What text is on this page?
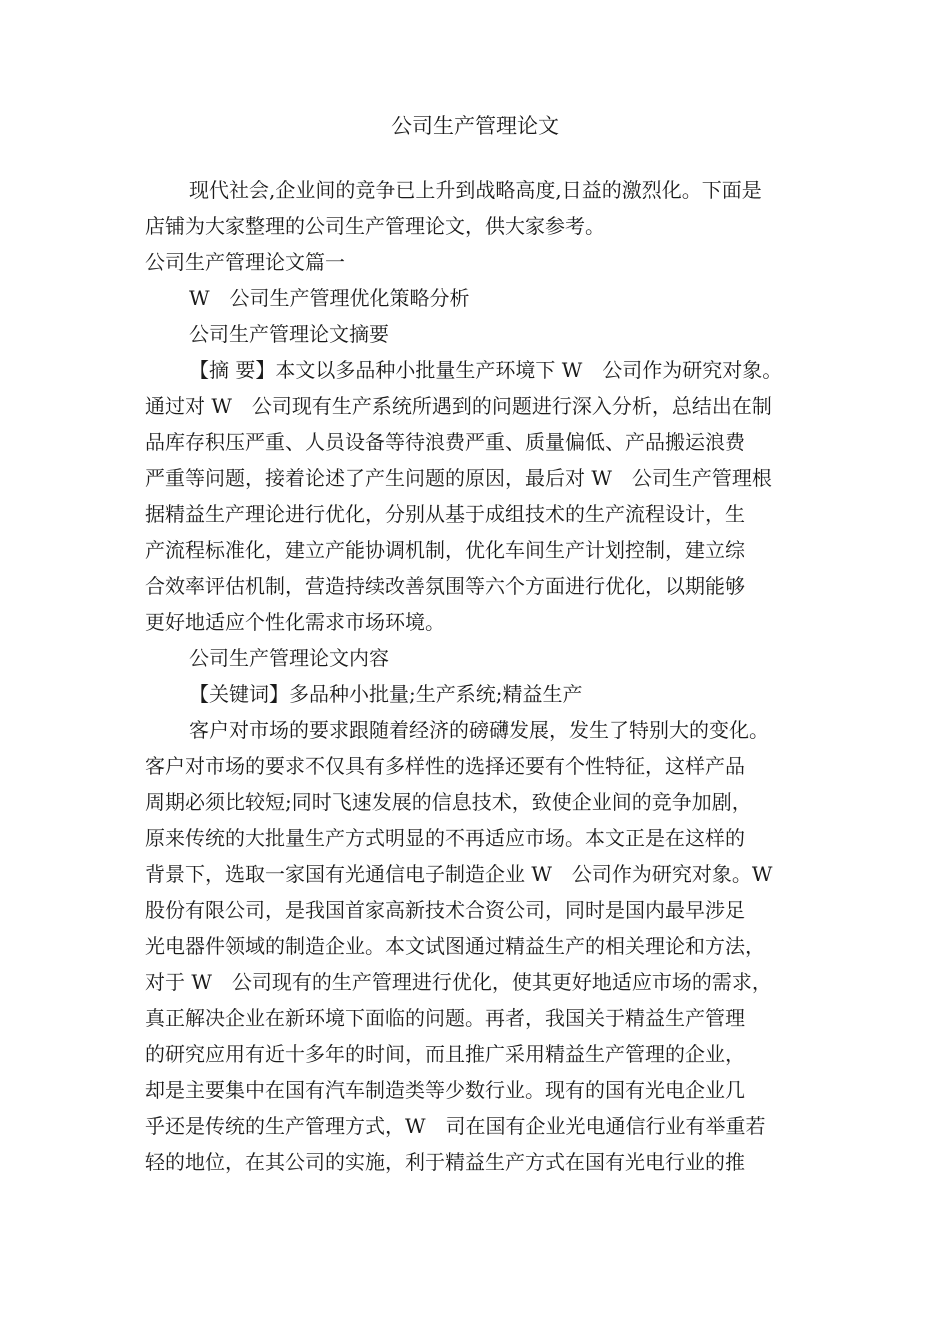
公司生产管理论文
现代社会,企业间的竞争已上升到战略高度,日益的激烈化。下面是
店铺为大家整理的公司生产管理论文，供大家参考。
公司生产管理论文篇一
W　公司生产管理优化策略分析
公司生产管理论文摘要
【摘 要】本文以多品种小批量生产环境下 W　公司作为研究对象。
通过对 W　公司现有生产系统所遇到的问题进行深入分析，总结出在制
品库存积压严重、人员设备等待浪费严重、质量偏低、产品搬运浪费
严重等问题，接着论述了产生问题的原因，最后对 W　公司生产管理根
据精益生产理论进行优化，分别从基于成组技术的生产流程设计，生
产流程标准化，建立产能协调机制，优化车间生产计划控制，建立综
合效率评估机制，营造持续改善氛围等六个方面进行优化，以期能够
更好地适应个性化需求市场环境。
公司生产管理论文内容
【关键词】多品种小批量;生产系统;精益生产
客户对市场的要求跟随着经济的磅礴发展，发生了特别大的变化。
客户对市场的要求不仅具有多样性的选择还要有个性特征，这样产品
周期必须比较短;同时飞速发展的信息技术，致使企业间的竞争加剧，
原来传统的大批量生产方式明显的不再适应市场。本文正是在这样的
背景下，选取一家国有光通信电子制造企业 W　公司作为研究对象。W
股份有限公司，是我国首家高新技术合资公司，同时是国内最早涉足
光电器件领域的制造企业。本文试图通过精益生产的相关理论和方法，
对于 W　公司现有的生产管理进行优化，使其更好地适应市场的需求，
真正解决企业在新环境下面临的问题。再者，我国关于精益生产管理
的研究应用有近十多年的时间，而且推广采用精益生产管理的企业，
却是主要集中在国有汽车制造类等少数行业。现有的国有光电企业几
乎还是传统的生产管理方式，W　司在国有企业光电通信行业有举重若
轻的地位，在其公司的实施，利于精益生产方式在国有光电行业的推
